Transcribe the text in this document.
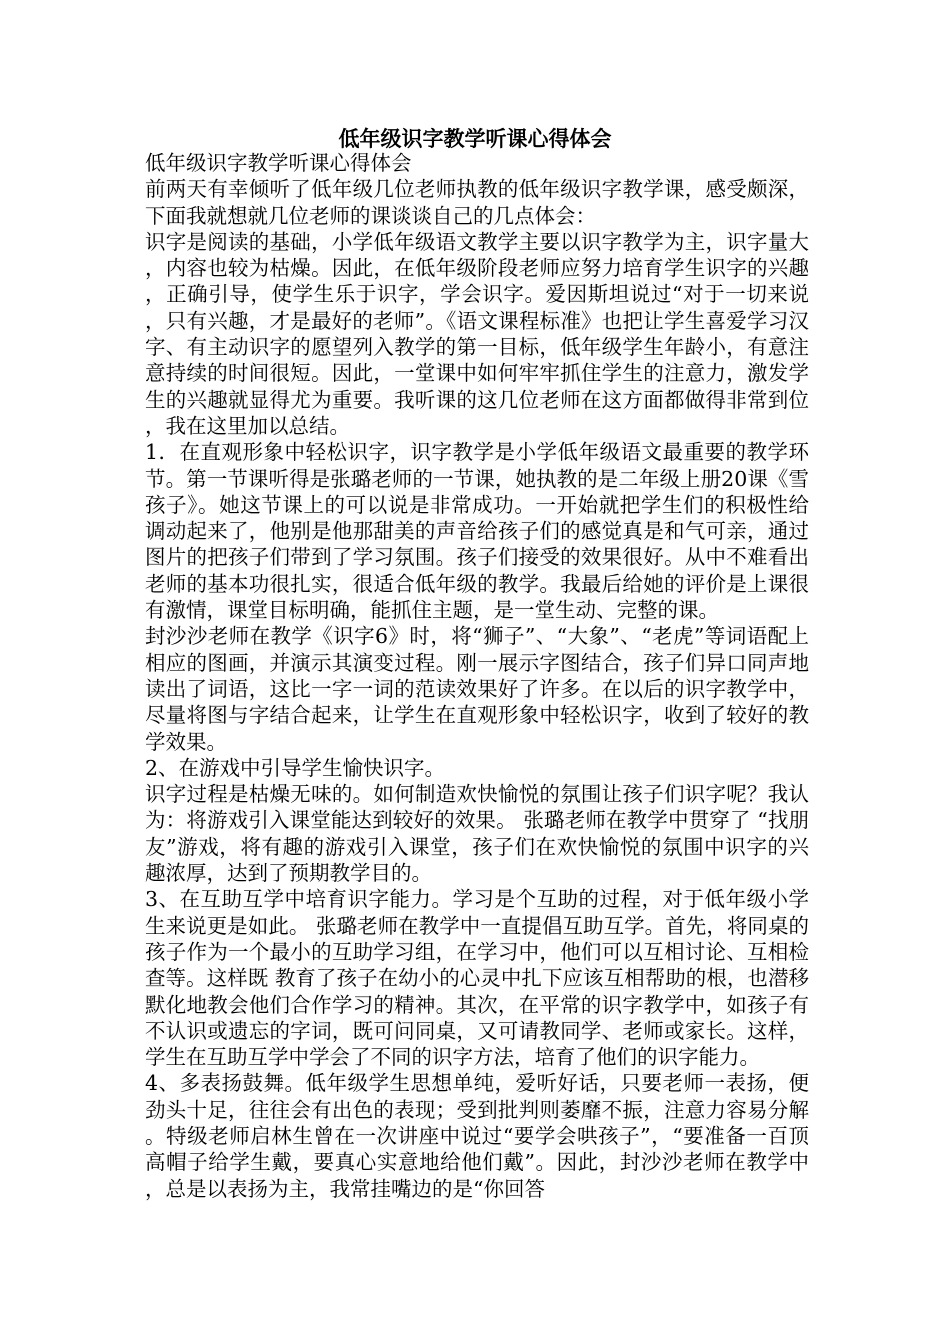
低年级识字教学听课心得体会

低年级识字教学听课心得体会

前两天有幸倾听了低年级几位老师执教的低年级识字教学课，感受颇深，下面我就想就几位老师的课谈谈自己的几点体会：

识字是阅读的基础，小学低年级语文教学主要以识字教学为主，识字量大，内容也较为枯燥。因此，在低年级阶段老师应努力培育学生识字的兴趣，正确引导，使学生乐于识字，学会识字。爱因斯坦说过“对于一切来说，只有兴趣，才是最好的老师”。《语文课程标准》也把让学生喜爱学习汉字、有主动识字的愿望列入教学的第一目标，低年级学生年龄小，有意注意持续的时间很短。因此，一堂课中如何牢牢抓住学生的注意力，激发学生的兴趣就显得尤为重要。我听课的这几位老师在这方面都做得非常到位，我在这里加以总结。

1．在直观形象中轻松识字，识字教学是小学低年级语文最重要的教学环节。第一节课听得是张璐老师的一节课，她执教的是二年级上册20课《雪孩子》。她这节课上的可以说是非常成功。一开始就把学生们的积极性给调动起来了，他别是他那甜美的声音给孩子们的感觉真是和气可亲，通过图片的把孩子们带到了学习氛围。孩子们接受的效果很好。从中不难看出老师的基本功很扎实，很适合低年级的教学。我最后给她的评价是上课很有激情，课堂目标明确，能抓住主题，是一堂生动、完整的课。

封沙沙老师在教学《识字6》时，将“狮子”、“大象”、“老虎”等词语配上相应的图画，并演示其演变过程。刚一展示字图结合，孩子们异口同声地读出了词语，这比一字一词的范读效果好了许多。在以后的识字教学中，尽量将图与字结合起来，让学生在直观形象中轻松识字，收到了较好的教学效果。

2、在游戏中引导学生愉快识字。

识字过程是枯燥无味的。如何制造欢快愉悦的氛围让孩子们识字呢？我认为：将游戏引入课堂能达到较好的效果。 张璐老师在教学中贯穿了 “找朋友”游戏，将有趣的游戏引入课堂，孩子们在欢快愉悦的氛围中识字的兴趣浓厚，达到了预期教学目的。

3、在互助互学中培育识字能力。学习是个互助的过程，对于低年级小学生来说更是如此。 张璐老师在教学中一直提倡互助互学。首先，将同桌的孩子作为一个最小的互助学习组，在学习中，他们可以互相讨论、互相检查等。这样既 教育了孩子在幼小的心灵中扎下应该互相帮助的根，也潜移默化地教会他们合作学习的精神。其次，在平常的识字教学中，如孩子有不认识或遗忘的字词，既可问同桌，又可请教同学、老师或家长。这样，学生在互助互学中学会了不同的识字方法，培育了他们的识字能力。

4、多表扬鼓舞。低年级学生思想单纯，爱听好话，只要老师一表扬，便劲头十足，往往会有出色的表现；受到批判则萎靡不振，注意力容易分解。特级老师启林生曾在一次讲座中说过“要学会哄孩子”，“要准备一百顶高帽子给学生戴，要真心实意地给他们戴”。因此，封沙沙老师在教学中，总是以表扬为主，我常挂嘴边的是“你回答
